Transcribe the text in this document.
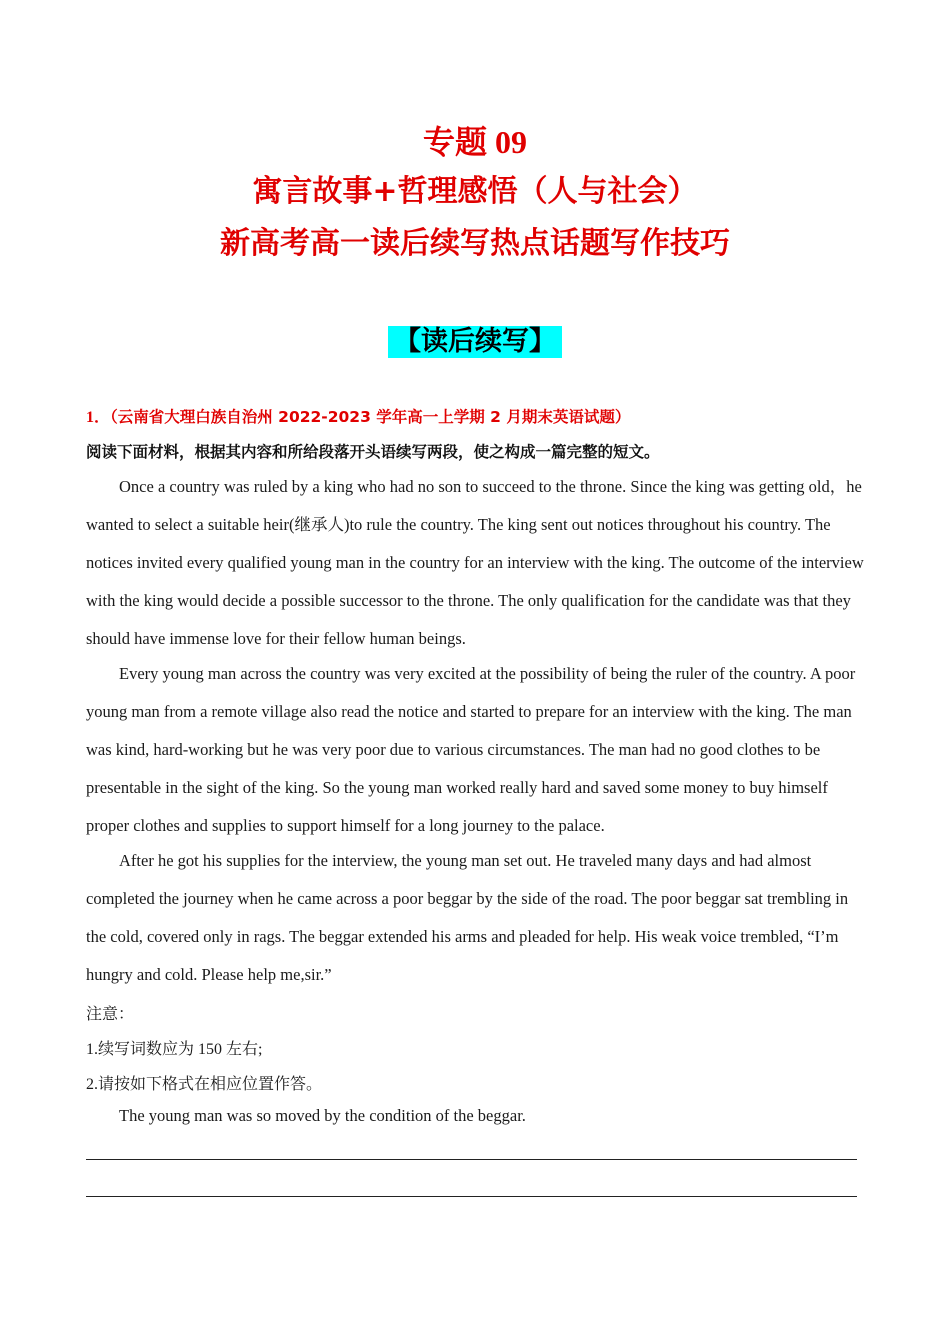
专题 09
寓言故事+哲理感悟（人与社会）
新高考高一读后续写热点话题写作技巧
【读后续写】
1．（云南省大理白族自治州 2022-2023 学年高一上学期 2 月期末英语试题）
阅读下面材料，根据其内容和所给段落开头语续写两段，使之构成一篇完整的短文。

Once a country was ruled by a king who had no son to succeed to the throne. Since the king was getting old，he wanted to select a suitable heir(继承人)to rule the country. The king sent out notices throughout his country. The notices invited every qualified young man in the country for an interview with the king. The outcome of the interview with the king would decide a possible successor to the throne. The only qualification for the candidate was that they should have immense love for their fellow human beings.

Every young man across the country was very excited at the possibility of being the ruler of the country. A poor young man from a remote village also read the notice and started to prepare for an interview with the king. The man was kind, hard-working but he was very poor due to various circumstances. The man had no good clothes to be presentable in the sight of the king. So the young man worked really hard and saved some money to buy himself proper clothes and supplies to support himself for a long journey to the palace.

After he got his supplies for the interview, the young man set out. He traveled many days and had almost completed the journey when he came across a poor beggar by the side of the road. The poor beggar sat trembling in the cold, covered only in rags. The beggar extended his arms and pleaded for help. His weak voice trembled, “I’m hungry and cold. Please help me,sir.”

注意：
1.续写词数应为 150 左右;
2.请按如下格式在相应位置作答。
The young man was so moved by the condition of the beggar.
